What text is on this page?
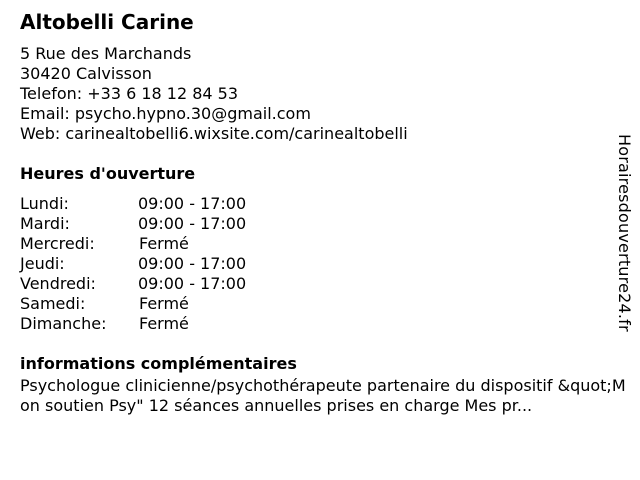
Altobelli Carine
5 Rue des Marchands
30420 Calvisson
Telefon: +33 6 18 12 84 53
Email: psycho.hypno.30@gmail.com
Web: carinealtobelli6.wixsite.com/carinealtobelli
Heures d'ouverture
Lundi:	09:00 - 17:00
Mardi:	09:00 - 17:00
Mercredi:	Fermé
Jeudi:	09:00 - 17:00
Vendredi:	09:00 - 17:00
Samedi:	Fermé
Dimanche:	Fermé
informations complémentaires
Psychologue clinicienne/psychothérapeute partenaire du dispositif &quot;Mon soutien Psy" 12 séances annuelles prises en charge Mes pr...
Horairesdouverture24.fr
